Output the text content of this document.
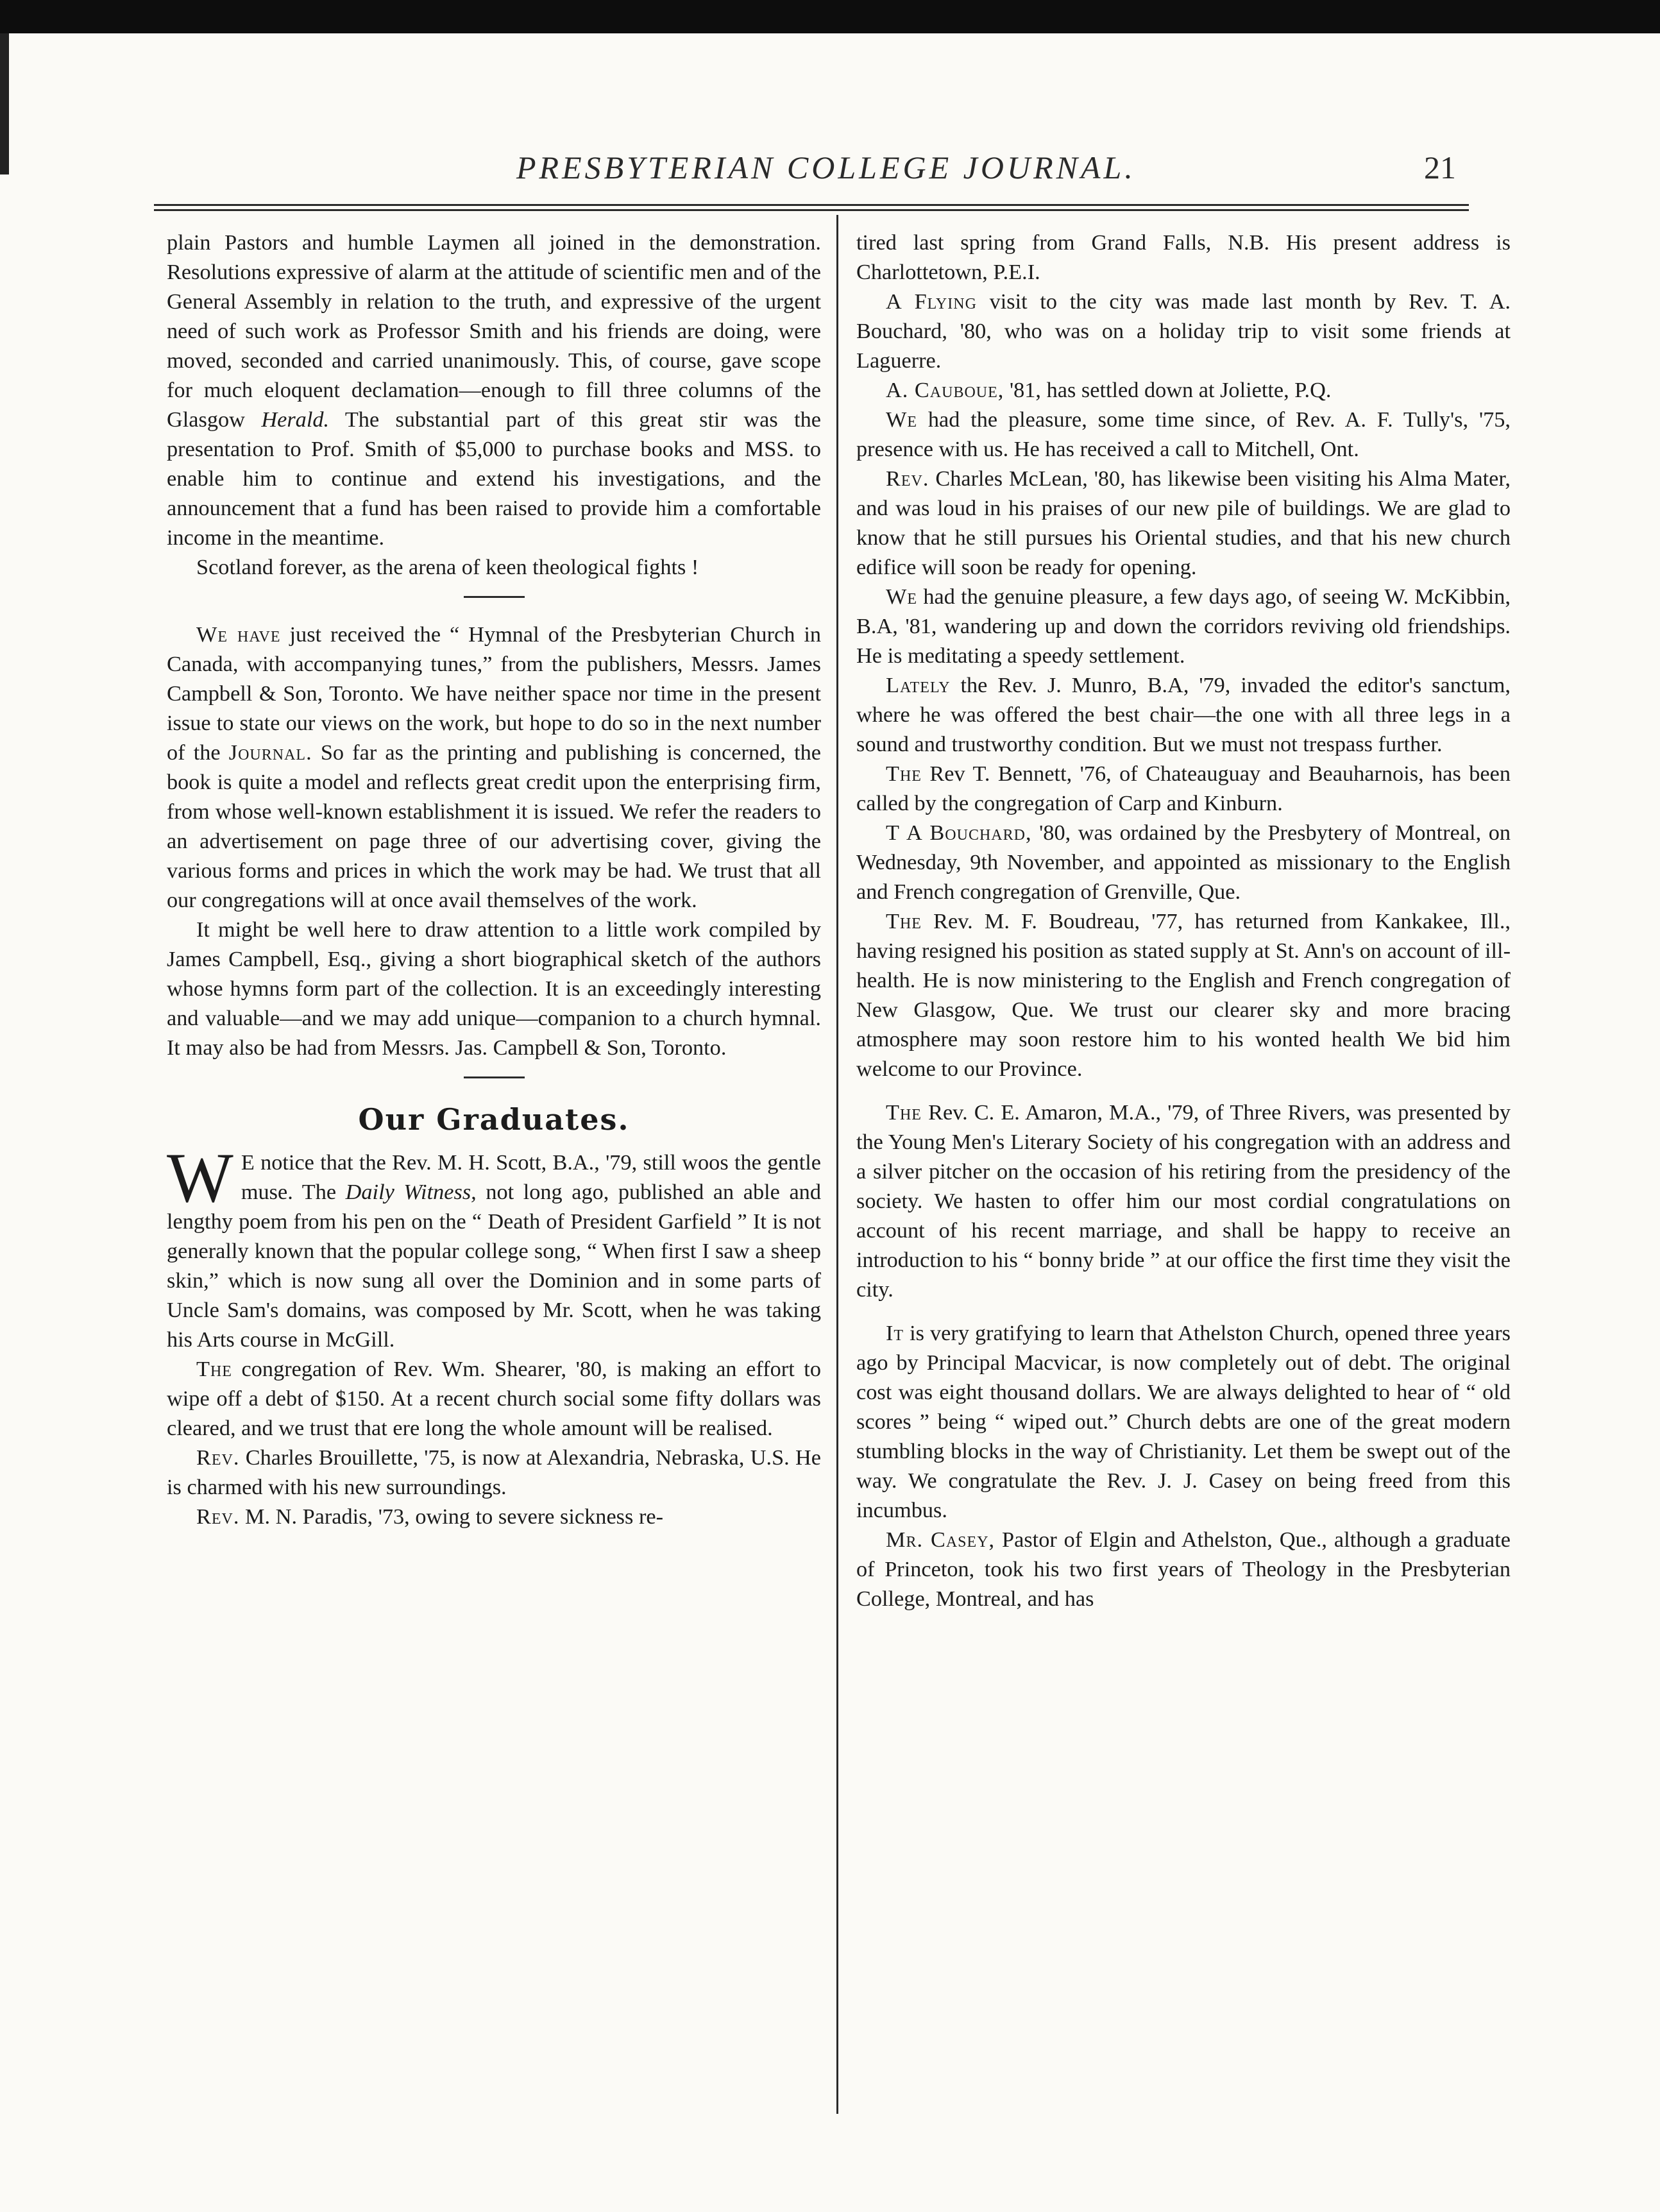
PRESBYTERIAN COLLEGE JOURNAL.	21

plain Pastors and humble Laymen all joined in the demonstration. Resolutions expressive of alarm at the attitude of scientific men and of the General Assembly in relation to the truth, and expressive of the urgent need of such work as Professor Smith and his friends are doing, were moved, seconded and carried unanimously. This, of course, gave scope for much eloquent declamation—enough to fill three columns of the Glasgow Herald. The substantial part of this great stir was the presentation to Prof. Smith of $5,000 to purchase books and MSS. to enable him to continue and extend his investigations, and the announcement that a fund has been raised to provide him a comfortable income in the meantime.

Scotland forever, as the arena of keen theological fights !

We have just received the “ Hymnal of the Presbyterian Church in Canada, with accompanying tunes,” from the publishers, Messrs. James Campbell & Son, Toronto. We have neither space nor time in the present issue to state our views on the work, but hope to do so in the next number of the Journal. So far as the printing and publishing is concerned, the book is quite a model and reflects great credit upon the enterprising firm, from whose well-known establishment it is issued. We refer the readers to an advertisement on page three of our advertising cover, giving the various forms and prices in which the work may be had. We trust that all our congregations will at once avail themselves of the work.

It might be well here to draw attention to a little work compiled by James Campbell, Esq., giving a short biographical sketch of the authors whose hymns form part of the collection. It is an exceedingly interesting and valuable—and we may add unique—companion to a church hymnal. It may also be had from Messrs. Jas. Campbell & Son, Toronto.

Our Graduates.

W E notice that the Rev. M. H. Scott, B.A., '79, still woos the gentle muse. The Daily Witness, not long ago, published an able and lengthy poem from his pen on the “ Death of President Garfield ” It is not generally known that the popular college song, “ When first I saw a sheep skin,” which is now sung all over the Dominion and in some parts of Uncle Sam's domains, was composed by Mr. Scott, when he was taking his Arts course in McGill.

The congregation of Rev. Wm. Shearer, '80, is making an effort to wipe off a debt of $150. At a recent church social some fifty dollars was cleared, and we trust that ere long the whole amount will be realised.

Rev. Charles Brouillette, '75, is now at Alexandria, Nebraska, U.S. He is charmed with his new surroundings.

Rev. M. N. Paradis, '73, owing to severe sickness re-

tired last spring from Grand Falls, N.B. His present address is Charlottetown, P.E.I.

A Flying visit to the city was made last month by Rev. T. A. Bouchard, '80, who was on a holiday trip to visit some friends at Laguerre.

A. Cauboue, '81, has settled down at Joliette, P.Q.

We had the pleasure, some time since, of Rev. A. F. Tully's, '75, presence with us. He has received a call to Mitchell, Ont.

Rev. Charles McLean, '80, has likewise been visiting his Alma Mater, and was loud in his praises of our new pile of buildings. We are glad to know that he still pursues his Oriental studies, and that his new church edifice will soon be ready for opening.

We had the genuine pleasure, a few days ago, of seeing W. McKibbin, B.A, '81, wandering up and down the corridors reviving old friendships. He is meditating a speedy settlement.

Lately the Rev. J. Munro, B.A, '79, invaded the editor's sanctum, where he was offered the best chair—the one with all three legs in a sound and trustworthy condition. But we must not trespass further.

The Rev T. Bennett, '76, of Chateauguay and Beauharnois, has been called by the congregation of Carp and Kinburn.

T A Bouchard, '80, was ordained by the Presbytery of Montreal, on Wednesday, 9th November, and appointed as missionary to the English and French congregation of Grenville, Que.

The Rev. M. F. Boudreau, '77, has returned from Kankakee, Ill., having resigned his position as stated supply at St. Ann's on account of ill-health. He is now ministering to the English and French congregation of New Glasgow, Que. We trust our clearer sky and more bracing atmosphere may soon restore him to his wonted health We bid him welcome to our Province.

The Rev. C. E. Amaron, M.A., '79, of Three Rivers, was presented by the Young Men's Literary Society of his congregation with an address and a silver pitcher on the occasion of his retiring from the presidency of the society. We hasten to offer him our most cordial congratulations on account of his recent marriage, and shall be happy to receive an introduction to his “ bonny bride ” at our office the first time they visit the city.

It is very gratifying to learn that Athelston Church, opened three years ago by Principal Macvicar, is now completely out of debt. The original cost was eight thousand dollars. We are always delighted to hear of “ old scores ” being “ wiped out.” Church debts are one of the great modern stumbling blocks in the way of Christianity. Let them be swept out of the way. We congratulate the Rev. J. J. Casey on being freed from this incumbus.

Mr. Casey, Pastor of Elgin and Athelston, Que., although a graduate of Princeton, took his two first years of Theology in the Presbyterian College, Montreal, and has
